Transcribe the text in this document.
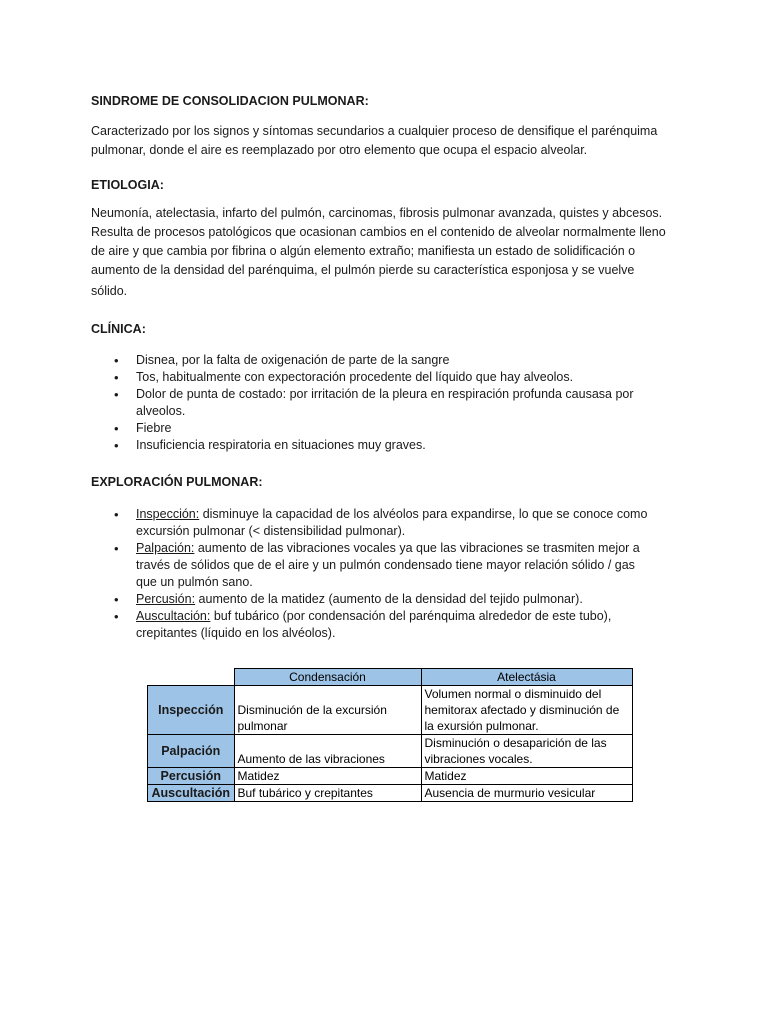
SINDROME DE CONSOLIDACION PULMONAR:

Caracterizado por los signos y síntomas secundarios a cualquier proceso de densifique el parénquima

pulmonar, donde el aire es reemplazado por otro elemento que ocupa el espacio alveolar.

ETIOLOGIA:

Neumonía, atelectasia, infarto del pulmón, carcinomas, fibrosis pulmonar avanzada, quistes y abcesos.

Resulta de procesos patológicos que ocasionan cambios en el contenido de alveolar normalmente lleno

de aire y que cambia por fibrina o algún elemento extraño; manifiesta un estado de solidificación o

aumento de la densidad del parénquima, el pulmón pierde su característica esponjosa y se vuelve

sólido.

CLÍNICA:

• Disnea, por la falta de oxigenación de parte de la sangre
• Tos, habitualmente con expectoración procedente del líquido que hay alveolos.
• Dolor de punta de costado: por irritación de la pleura en respiración profunda causasa por alveolos.
• Fiebre
• Insuficiencia respiratoria en situaciones muy graves.

EXPLORACIÓN PULMONAR:

• Inspección: disminuye la capacidad de los alvéolos para expandirse, lo que se conoce como excursión pulmonar (< distensibilidad pulmonar).
• Palpación: aumento de las vibraciones vocales ya que las vibraciones se trasmiten mejor a través de sólidos que de el aire y un pulmón condensado tiene mayor relación sólido / gas que un pulmón sano.
• Percusión: aumento de la matidez (aumento de la densidad del tejido pulmonar).
• Auscultación: buf tubárico (por condensación del parénquima alrededor de este tubo), crepitantes (líquido en los alvéolos).
	Condensación	Atelectásia
Inspección	Disminución de la excursión pulmonar	Volumen normal o disminuido del hemitorax afectado y disminución de la exursión pulmonar.
Palpación	Aumento de las vibraciones	Disminución o desaparición de las vibraciones vocales.
Percusión	Matidez	Matidez
Auscultación	Buf tubárico y crepitantes	Ausencia de murmurio vesicular
